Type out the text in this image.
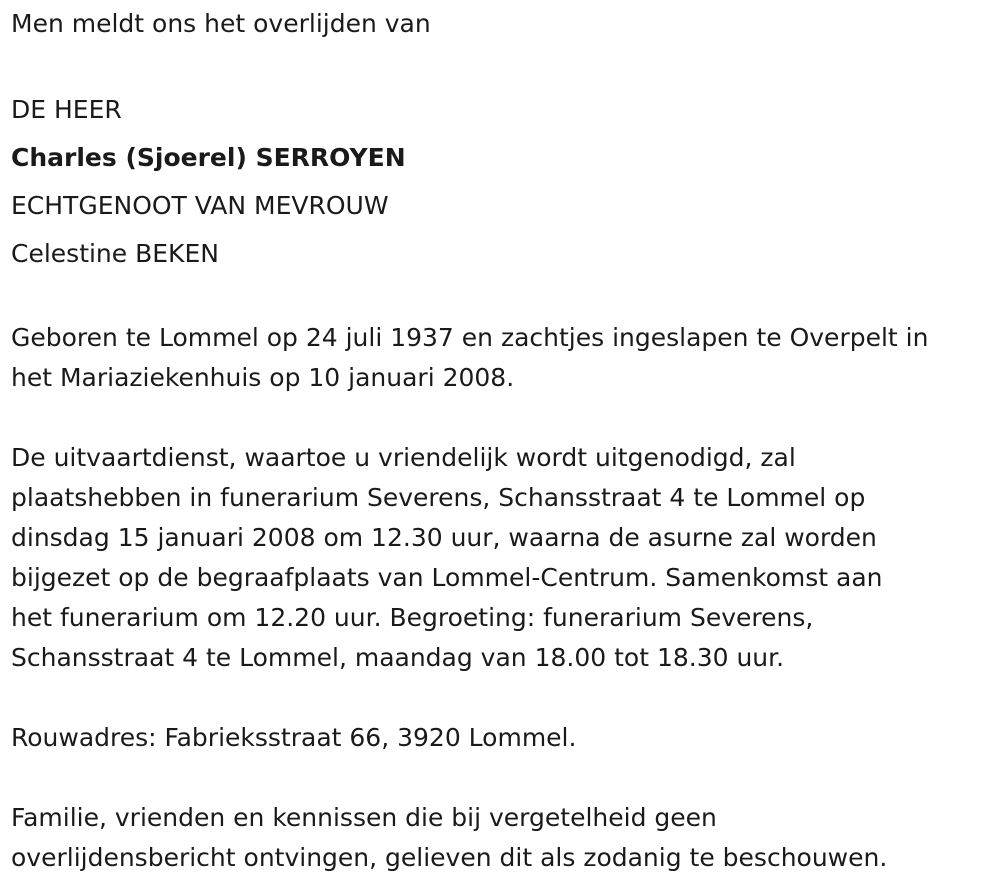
Men meldt ons het overlijden van
DE HEER
Charles (Sjoerel) SERROYEN
ECHTGENOOT VAN MEVROUW
Celestine BEKEN
Geboren te Lommel op 24 juli 1937 en zachtjes ingeslapen te Overpelt in
het Mariaziekenhuis op 10 januari 2008.
De uitvaartdienst, waartoe u vriendelijk wordt uitgenodigd, zal
plaatshebben in funerarium Severens, Schansstraat 4 te Lommel op
dinsdag 15 januari 2008 om 12.30 uur, waarna de asurne zal worden
bijgezet op de begraafplaats van Lommel-Centrum. Samenkomst aan
het funerarium om 12.20 uur. Begroeting: funerarium Severens,
Schansstraat 4 te Lommel, maandag van 18.00 tot 18.30 uur.
Rouwadres: Fabrieksstraat 66, 3920 Lommel.
Familie, vrienden en kennissen die bij vergetelheid geen
overlijdensbericht ontvingen, gelieven dit als zodanig te beschouwen.
